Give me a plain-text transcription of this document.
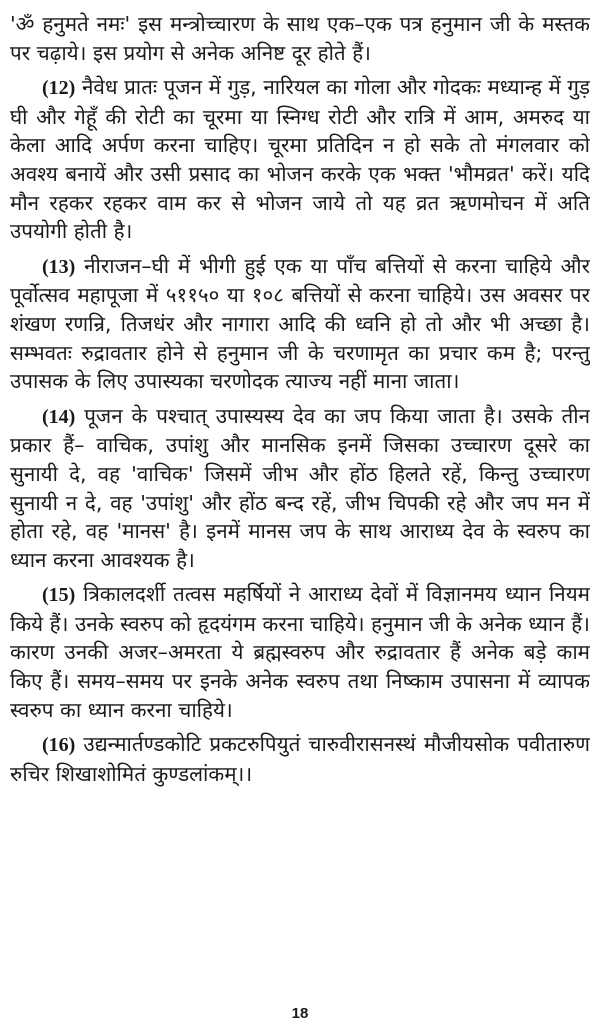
'ॐ हनुमते नमः' इस मन्त्रोच्चारण के साथ एक–एक पत्र हनुमान जी के मस्तक पर चढ़ाये। इस प्रयोग से अनेक अनिष्ट दूर होते हैं।

(12) नैवेध प्रातः पूजन में गुड़, नारियल का गोला और गोदकः मध्यान्ह में गुड़ घी और गेहूँ की रोटी का चूरमा या स्निग्ध रोटी और रात्रि में आम, अमरुद या केला आदि अर्पण करना चाहिए। चूरमा प्रतिदिन न हो सके तो मंगलवार को अवश्य बनायें और उसी प्रसाद का भोजन करके एक भक्त 'भौमव्रत' करें। यदि मौन रहकर रहकर वाम कर से भोजन जाये तो यह व्रत ऋणमोचन में अति उपयोगी होती है।

(13) नीराजन–घी में भीगी हुई एक या पाँच बत्तियों से करना चाहिये और पूर्वोत्सव महापूजा में ५११५० या १०८ बत्तियों से करना चाहिये। उस अवसर पर शंखण रणन्रि, तिजधंर और नागारा आदि की ध्वनि हो तो और भी अच्छा है। सम्भवतः रुद्रावतार होने से हनुमान जी के चरणामृत का प्रचार कम है; परन्तु उपासक के लिए उपास्यका चरणोदक त्याज्य नहीं माना जाता।

(14) पूजन के पश्चात् उपास्यस्य देव का जप किया जाता है। उसके तीन प्रकार हैं– वाचिक, उपांशु और मानसिक इनमें जिसका उच्चारण दूसरे का सुनायी दे, वह 'वाचिक' जिसमें जीभ और होंठ हिलते रहें, किन्तु उच्चारण सुनायी न दे, वह 'उपांशु' और होंठ बन्द रहें, जीभ चिपकी रहे और जप मन में होता रहे, वह 'मानस' है। इनमें मानस जप के साथ आराध्य देव के स्वरुप का ध्यान करना आवश्यक है।

(15) त्रिकालदर्शी तत्वस महर्षियों ने आराध्य देवों में विज्ञानमय ध्यान नियम किये हैं। उनके स्वरुप को हृदयंगम करना चाहिये। हनुमान जी के अनेक ध्यान हैं। कारण उनकी अजर–अमरता ये ब्रह्मस्वरुप और रुद्रावतार हैं अनेक बड़े काम किए हैं। समय–समय पर इनके अनेक स्वरुप तथा निष्काम उपासना में व्यापक स्वरुप का ध्यान करना चाहिये।

(16) उद्यन्मार्तण्डकोटि प्रकटरुपियुतं चारुवीरासनस्थं मौजीयसोक पवीतारुण रुचिर शिखाशोमितं कुण्डलांकम्।।

18
